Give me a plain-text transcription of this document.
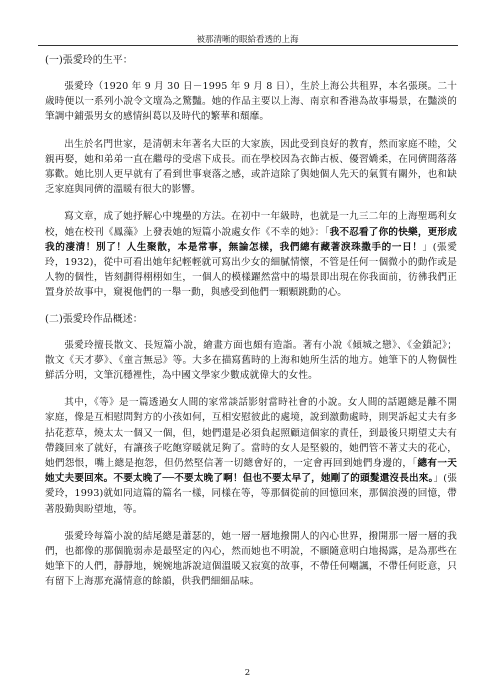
被那清晰的眼給看透的上海
(一)張愛玲的生平：

張愛玲（1920 年 9 月 30 日－1995 年 9 月 8 日），生於上海公共租界，本名張瑛。二十歲時便以一系列小說令文壇為之驚豔。她的作品主要以上海、南京和香港為故事場景，在豔淡的筆調中鋪張男女的感情糾葛以及時代的繁華和頹靡。

出生於名門世家，是清朝末年著名大臣的大家族，因此受到良好的教育，然而家庭不睦，父親再娶，她和弟弟一直在繼母的受虐下成長。而在學校因為衣飾古板、優習嬌柔，在同儕間落落寡歡。她比別人更早就有了看到世事衰落之感，或許這除了與她個人先天的氣質有關外，也和缺乏家庭與同儕的溫暖有很大的影響。

寫文章，成了她抒解心中塊壘的方法。在初中一年級時，也就是一九三二年的上海聖瑪利女校，她在校刊《鳳藻》上發表她的短篇小說處女作《不幸的她》：「我不忍看了你的快樂，更形成我的淒清！別了！人生聚散，本是常事，無論怎樣，我們總有藏著淚珠撒手的一日！」(張愛玲，1932)，從中可看出她年紀輕輕就可寫出少女的細膩情懷，不管是任何一個微小的動作或是人物的個性，皆刻劃得栩栩如生，一個人的模樣躍然當中的場景即出現在你我面前，彷彿我們正置身於故事中，窺視他們的一舉一動，與感受到他們一顆顆跳動的心。

(二)張愛玲作品概述：

張愛玲擅長散文、長短篇小說，繪畫方面也頗有造詣。著有小說《傾城之戀》、《金鎖記》；散文《天才夢》、《童言無忌》等。大多在描寫舊時的上海和她所生活的地方。她筆下的人物個性鮮活分明，文筆沉穩裡性，為中國文學家少數成就偉大的女性。

其中，《等》是一篇透過女人間的家常談話影射當時社會的小說。女人間的話題總是離不開家庭，像是互相慰問對方的小孩如何，互相安慰彼此的處境，說到激動處時，則哭訴起丈夫有多拈花惹草，燒太太一個又一個，但，她們還是必須負起照顧這個家的責任，到最後只期望丈夫有帶錢回來了就好，有讓孩子吃飽穿暖就足夠了。當時的女人是堅毅的，她們管不著丈夫的花心，她們怨恨，嘴上總是抱怨，但仍然堅信著一切總會好的，一定會再回到她們身邊的，「總有一天她丈夫要回來。不要太晚了──不要太晚了啊！但也不要太早了，她剛了的頭髮還沒長出來。」(張愛玲，1993)就如同這篇的篇名一樣，同樣在等，等那個從前的回憶回來，那個浪漫的回憶，帶著殷勤與盼望地，等。

張愛玲每篇小說的結尾總是蕭瑟的，她一層一層地撥開人的內心世界，撥開那一層一層的我們，也都像的那個脆弱赤是最堅定的內心，然而她也不明說，不願隨意明白地揭露，是為那些在她筆下的人們，靜靜地，婉婉地訴說這個溫暖又寂寞的故事，不帶任何嘲諷，不帶任何貶意，只有留下上海那充滿情意的餘韻，供我們細細品味。

2
